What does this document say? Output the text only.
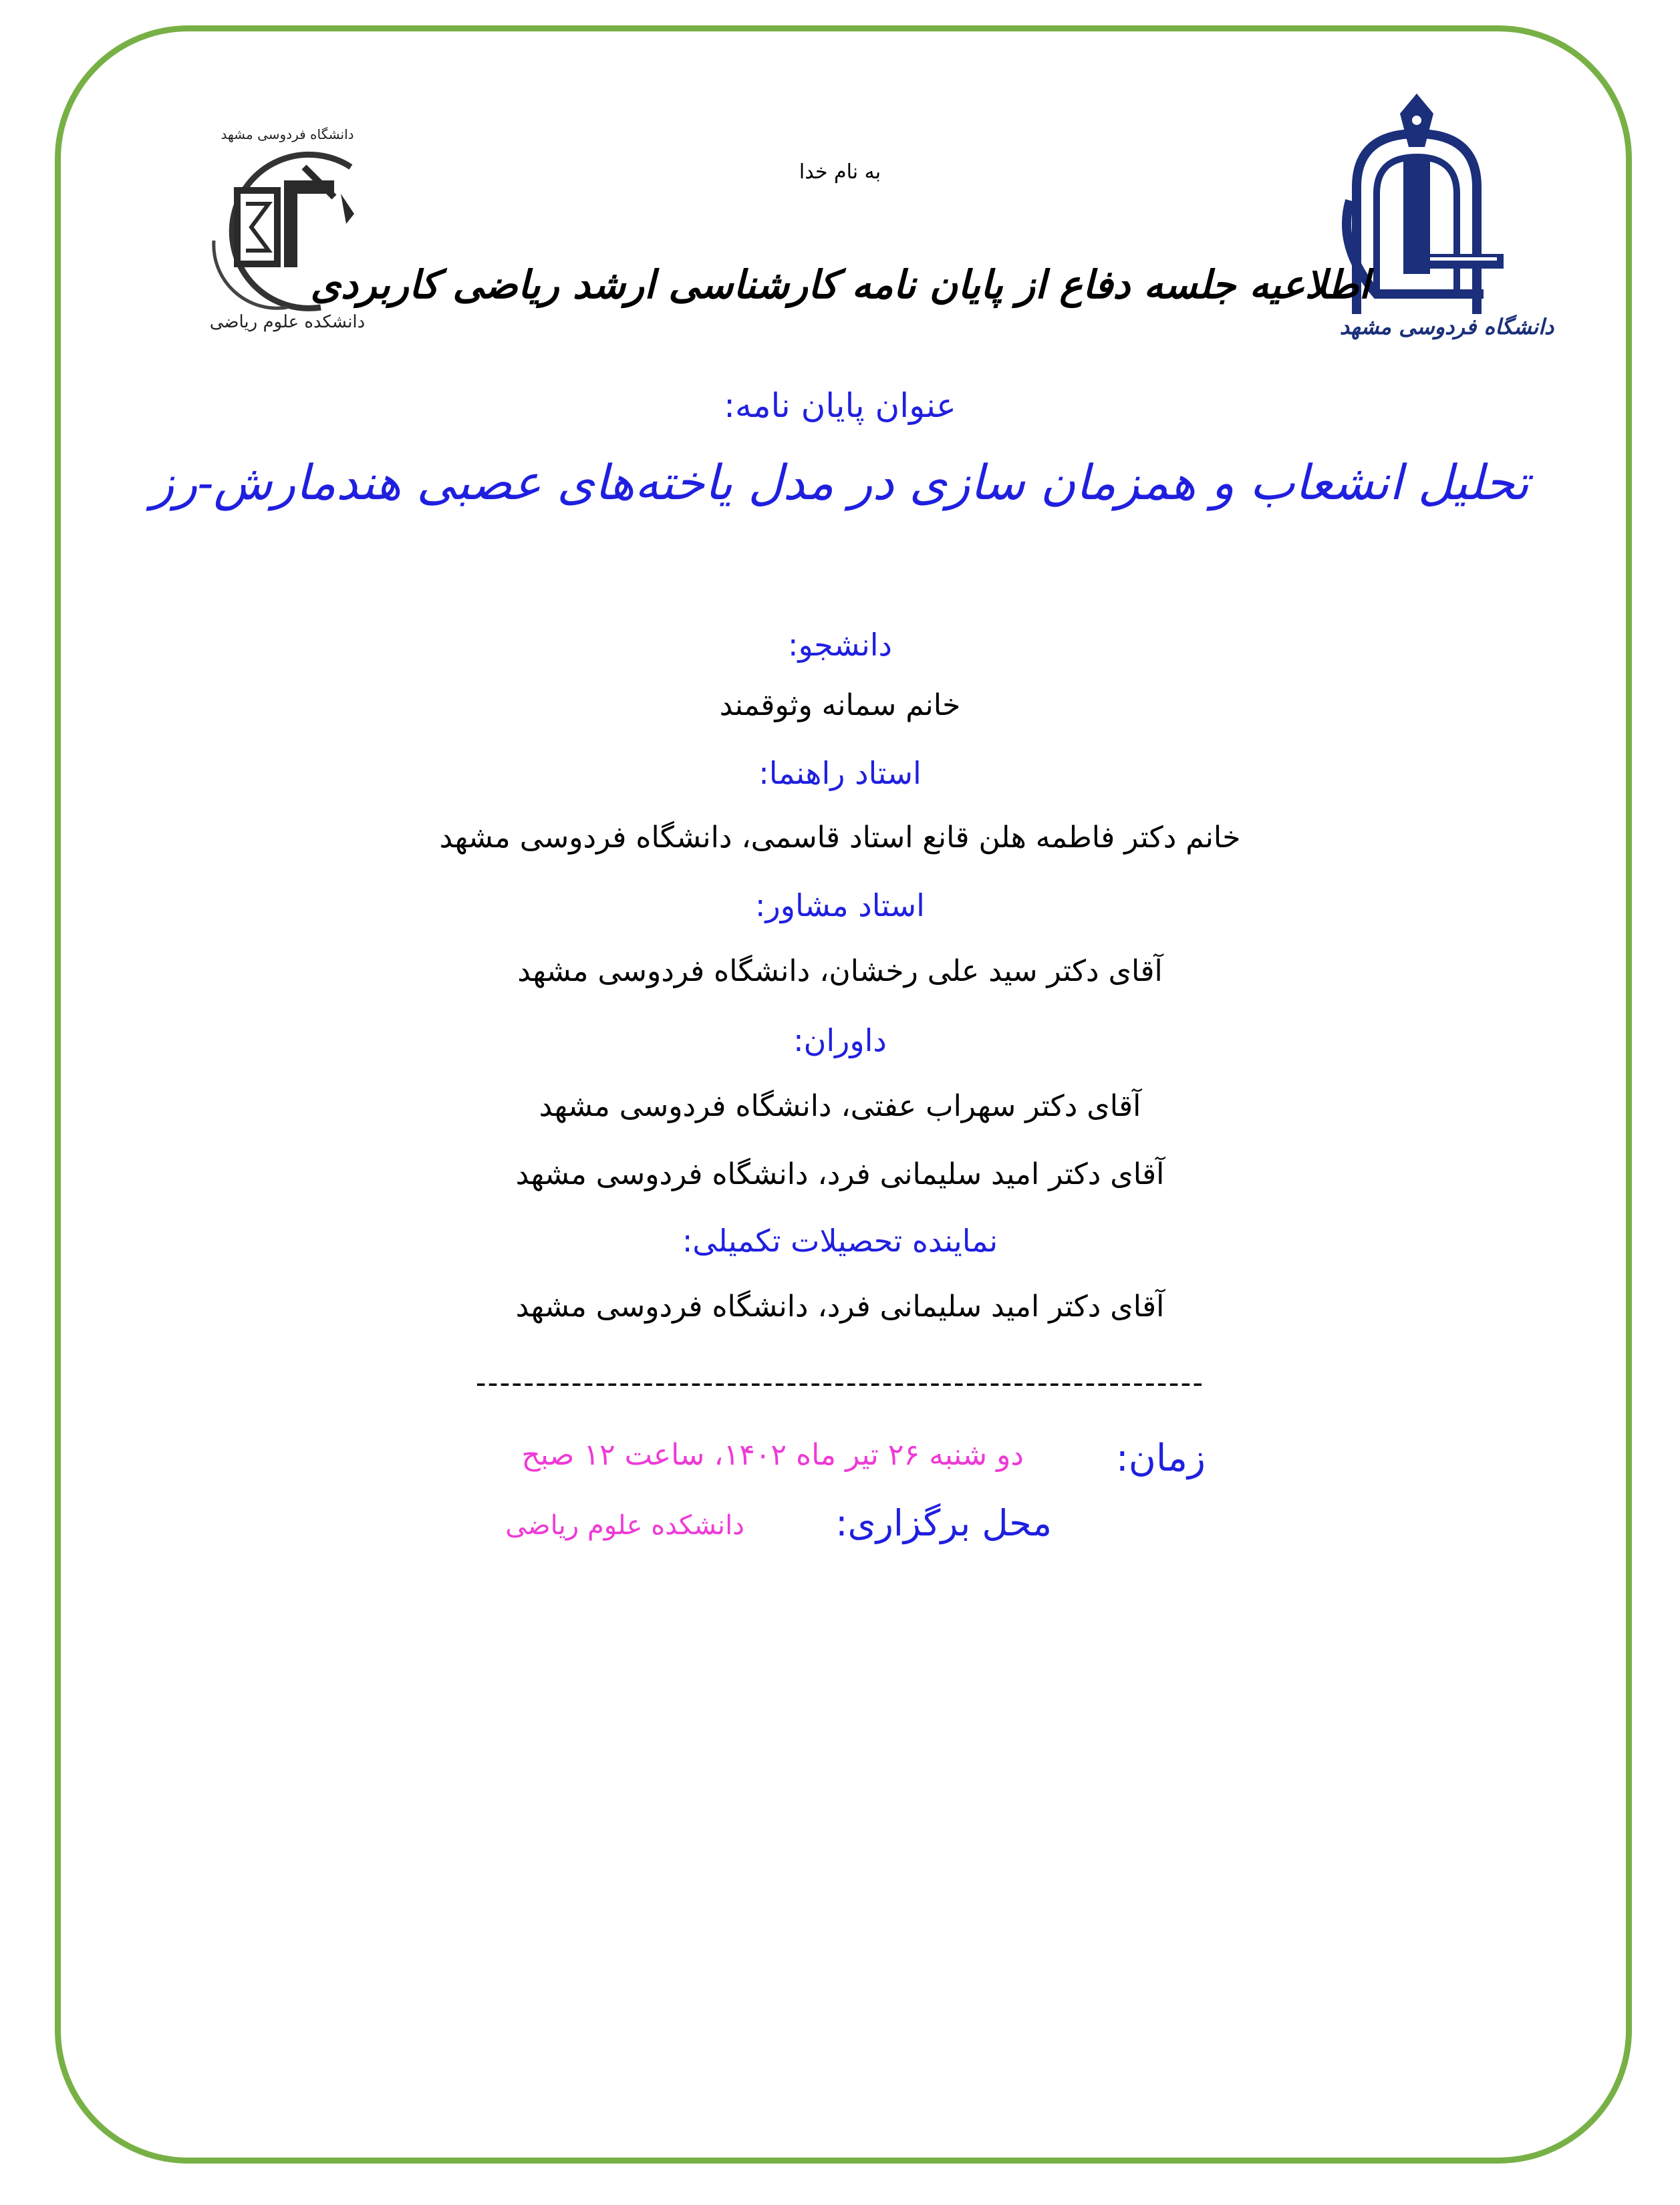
دانشکده علوم ریاضی
دانشگاه فردوسی مشهد
دانشگاه فردوسی مشهد
به نام خدا
اطلاعیه جلسه دفاع از پایان نامه کارشناسی ارشد ریاضی کاربردی
عنوان پایان نامه:
تحلیل انشعاب و همزمان سازی در مدل یاخته‌های عصبی هندمارش-رز
دانشجو:
خانم سمانه وثوقمند
استاد راهنما:
خانم دکتر فاطمه هلن قانع استاد قاسمی، دانشگاه فردوسی مشهد
استاد مشاور:
آقای دکتر سید علی رخشان، دانشگاه فردوسی مشهد
داوران:
آقای دکتر سهراب عفتی، دانشگاه فردوسی مشهد
آقای دکتر امید سلیمانی فرد، دانشگاه فردوسی مشهد
نماینده تحصیلات تکمیلی:
آقای دکتر امید سلیمانی فرد، دانشگاه فردوسی مشهد
-------------------------------------------------------------
زمان:
دو شنبه ۲۶ تیر ماه ۱۴۰۲، ساعت ۱۲ صبح
محل برگزاری:
دانشکده علوم ریاضی
